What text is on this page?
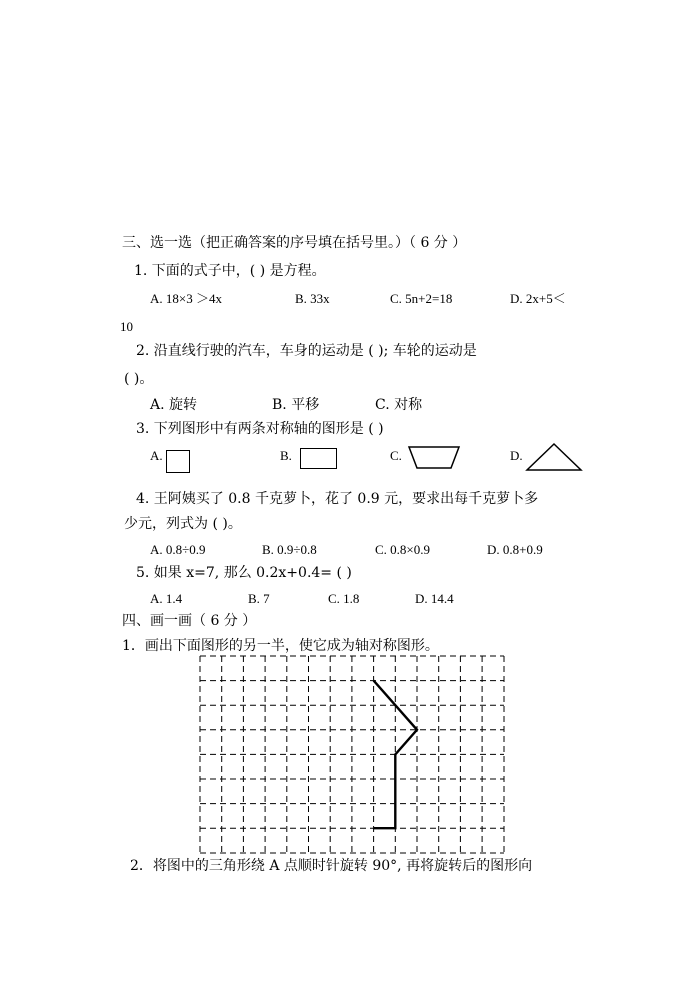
三、选一选（把正确答案的序号填在括号里。）（ 6 分 ）
1. 下面的式子中，( ) 是方程。
A. 18×3 ＞4x	B. 33x	C. 5n+2=18	D. 2x+5＜
10
2. 沿直线行驶的汽车，车身的运动是 ( ); 车轮的运动是
( )。
A. 旋转	B. 平移	C. 对称
3. 下列图形中有两条对称轴的图形是 ( )
A.	B.	C.	D.
4. 王阿姨买了 0.8 千克萝卜，花了 0.9 元，要求出每千克萝卜多
少元，列式为 ( )。
A. 0.8÷0.9	B. 0.9÷0.8	C. 0.8×0.9	D. 0.8+0.9
5. 如果 x=7, 那么 0.2x+0.4= ( )
A. 1.4	B. 7	C. 1.8	D. 14.4
四、画一画（ 6 分 ）
1．画出下面图形的另一半，使它成为轴对称图形。
2．将图中的三角形绕 A 点顺时针旋转 90°, 再将旋转后的图形向
